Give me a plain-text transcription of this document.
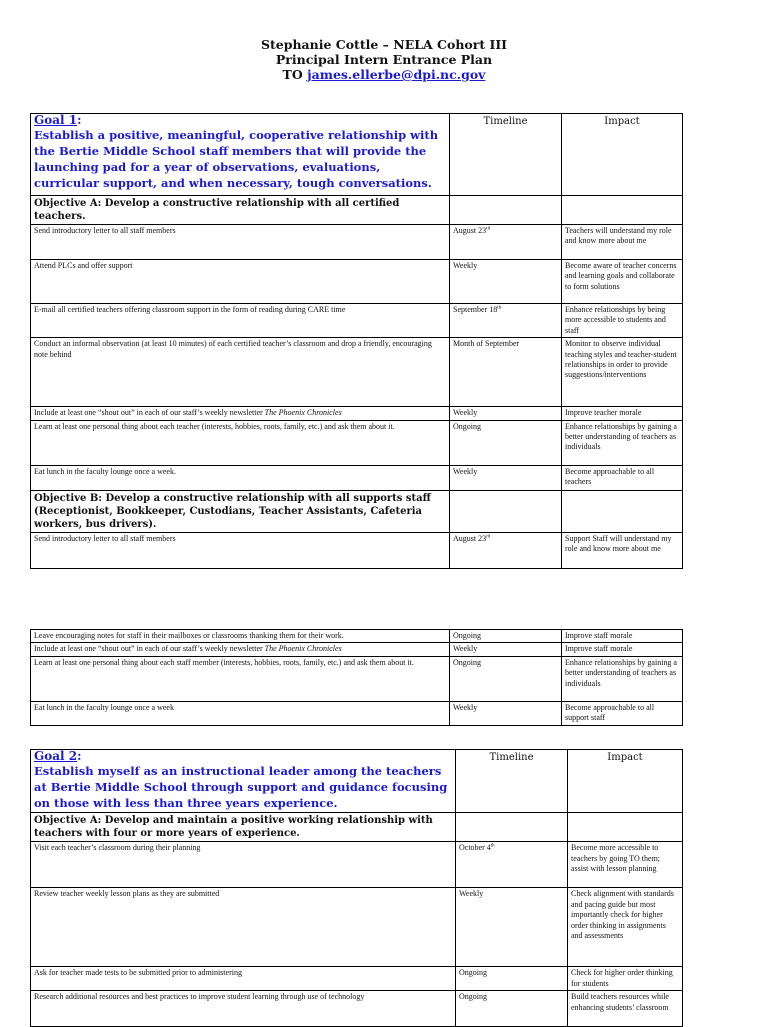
Stephanie Cottle – NELA Cohort III
Principal Intern Entrance Plan
TO james.ellerbe@dpi.nc.gov
Goal 1:
Establish a positive, meaningful, cooperative relationship with the Bertie Middle School staff members that will provide the launching pad for a year of observations, evaluations, curricular support, and when necessary, tough conversations.	Timeline	Impact
Objective A: Develop a constructive relationship with all certified teachers.		
Send introductory letter to all staff members	August 23rd	Teachers will understand my role and know more about me
Attend PLCs and offer support	Weekly	Become aware of teacher concerns and learning goals and collaborate to form solutions
E-mail all certified teachers offering classroom support in the form of reading during CARE time	September 18th	Enhance relationships by being more accessible to students and staff
Conduct an informal observation (at least 10 minutes) of each certified teacher’s classroom and drop a friendly, encouraging note behind	Month of September	Monitor to observe individual teaching styles and teacher-student relationships in order to provide suggestions/interventions
Include at least one “shout out” in each of our staff’s weekly newsletter The Phoenix Chronicles	Weekly	Improve teacher morale
Learn at least one personal thing about each teacher (interests, hobbies, roots, family, etc.) and ask them about it.	Ongoing	Enhance relationships by gaining a better understanding of teachers as individuals
Eat lunch in the faculty lounge once a week.	Weekly	Become approachable to all teachers
Objective B: Develop a constructive relationship with all supports staff (Receptionist, Bookkeeper, Custodians, Teacher Assistants, Cafeteria workers, bus drivers).		
Send introductory letter to all staff members	August 23rd	Support Staff will understand my role and know more about me
Leave encouraging notes for staff in their mailboxes or classrooms thanking them for their work.	Ongoing	Improve staff morale
Include at least one “shout out” in each of our staff’s weekly newsletter The Phoenix Chronicles	Weekly	Improve staff morale
Learn at least one personal thing about each staff member (interests, hobbies, roots, family, etc.) and ask them about it.	Ongoing	Enhance relationships by gaining a better understanding of teachers as individuals
Eat lunch in the faculty lounge once a week	Weekly	Become approachable to all support staff
Goal 2:
Establish myself as an instructional leader among the teachers at Bertie Middle School through support and guidance focusing on those with less than three years experience.	Timeline	Impact
Objective A: Develop and maintain a positive working relationship with teachers with four or more years of experience.		
Visit each teacher’s classroom during their planning	October 4th	Become more accessible to teachers by going TO them; assist with lesson planning
Review teacher weekly lesson plans as they are submitted	Weekly	Check alignment with standards and pacing guide but most importantly check for higher order thinking in assignments and assessments
Ask for teacher made tests to be submitted prior to administering	Ongoing	Check for higher order thinking for students
Research additional resources and best practices to improve student learning through use of technology	Ongoing	Build teachers resources while enhancing students’ classroom
